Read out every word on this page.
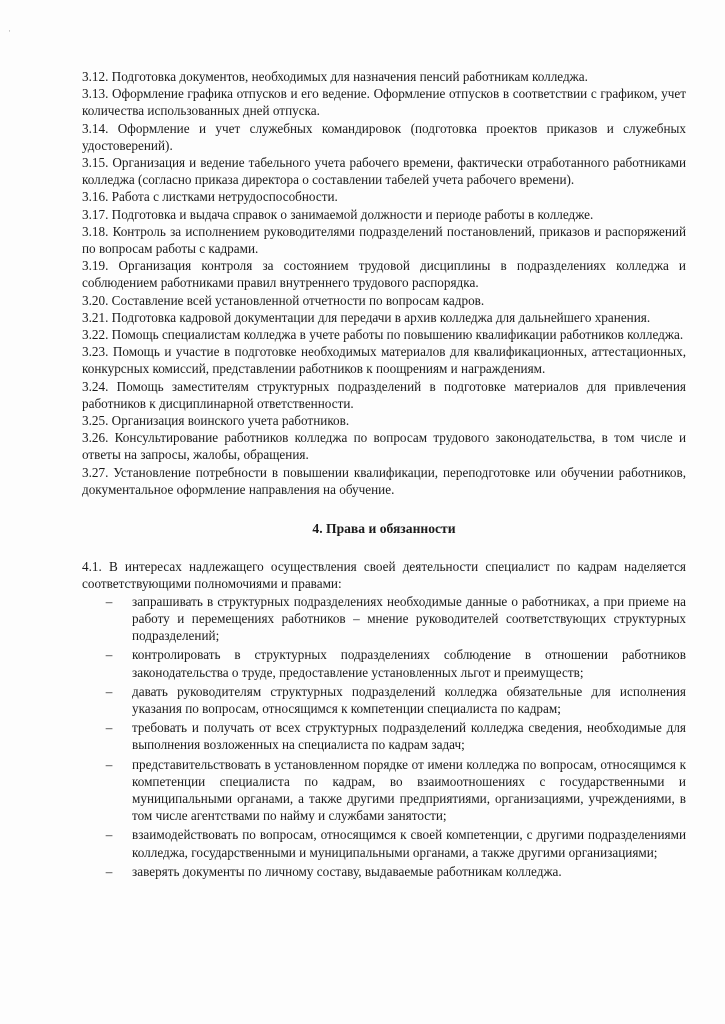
·

3.12. Подготовка документов, необходимых для назначения пенсий работникам колледжа.

3.13. Оформление графика отпусков и его ведение. Оформление отпусков в соответствии с графиком, учет количества использованных дней отпуска.

3.14. Оформление и учет служебных командировок (подготовка проектов приказов и служебных удостоверений).

3.15. Организация и ведение табельного учета рабочего времени, фактически отработанного работниками колледжа (согласно приказа директора о составлении табелей учета рабочего времени).

3.16. Работа с листками нетрудоспособности.

3.17. Подготовка и выдача справок о занимаемой должности и периоде работы в колледже.

3.18. Контроль за исполнением руководителями подразделений постановлений, приказов и распоряжений по вопросам работы с кадрами.

3.19. Организация контроля за состоянием трудовой дисциплины в подразделениях колледжа и соблюдением работниками правил внутреннего трудового распорядка.

3.20. Составление всей установленной отчетности по вопросам кадров.

3.21. Подготовка кадровой документации для передачи в архив колледжа для дальнейшего хранения.

3.22. Помощь специалистам колледжа в учете работы по повышению квалификации работников колледжа.

3.23. Помощь и участие в подготовке необходимых материалов для квалификационных, аттестационных, конкурсных комиссий, представлении работников к поощрениям и награждениям.

3.24. Помощь заместителям структурных подразделений в подготовке материалов для привлечения работников к дисциплинарной ответственности.

3.25. Организация воинского учета работников.

3.26. Консультирование работников колледжа по вопросам трудового законодательства, в том числе и ответы на запросы, жалобы, обращения.

3.27. Установление потребности в повышении квалификации, переподготовке или обучении работников, документальное оформление направления на обучение.

4. Права и обязанности

4.1. В интересах надлежащего осуществления своей деятельности специалист по кадрам наделяется соответствующими полномочиями и правами:

– запрашивать в структурных подразделениях необходимые данные о работниках, а при приеме на работу и перемещениях работников – мнение руководителей соответствующих структурных подразделений;
– контролировать в структурных подразделениях соблюдение в отношении работников законодательства о труде, предоставление установленных льгот и преимуществ;
– давать руководителям структурных подразделений колледжа обязательные для исполнения указания по вопросам, относящимся к компетенции специалиста по кадрам;
– требовать и получать от всех структурных подразделений колледжа сведения, необходимые для выполнения возложенных на специалиста по кадрам задач;
– представительствовать в установленном порядке от имени колледжа по вопросам, относящимся к компетенции специалиста по кадрам, во взаимоотношениях с государственными и муниципальными органами, а также другими предприятиями, организациями, учреждениями, в том числе агентствами по найму и службами занятости;
– взаимодействовать по вопросам, относящимся к своей компетенции, с другими подразделениями колледжа, государственными и муниципальными органами, а также другими организациями;
– заверять документы по личному составу, выдаваемые работникам колледжа.
